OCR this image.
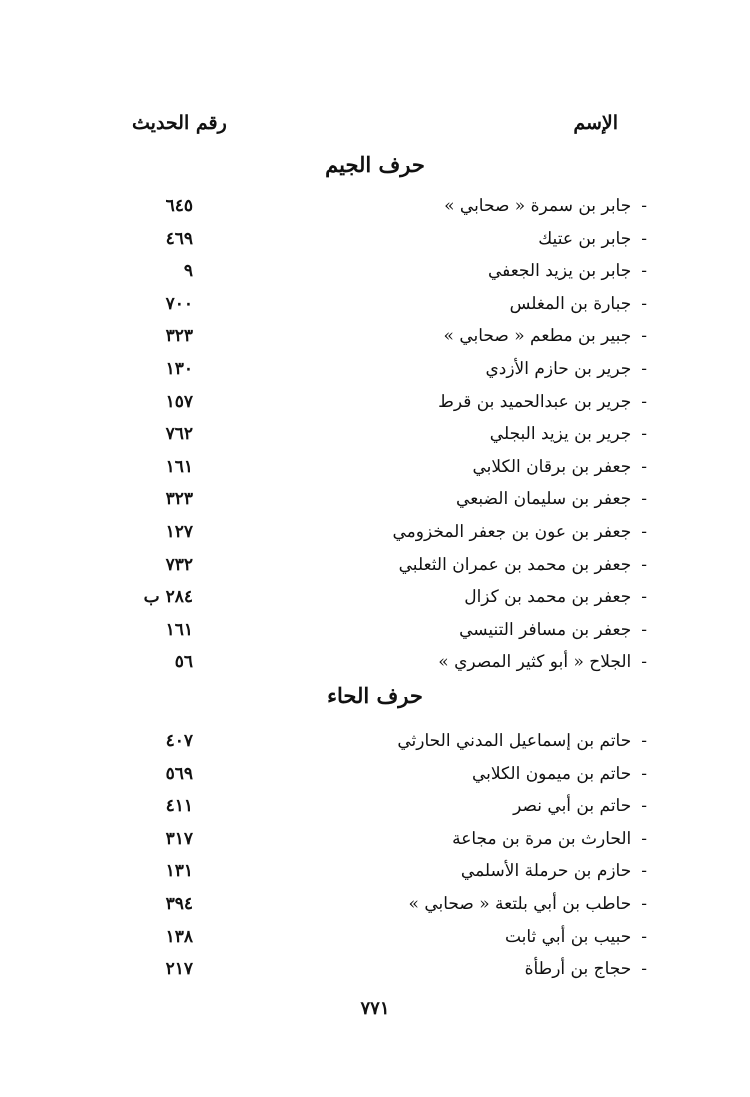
الإسم
رقم الحديث
حرف الجيم
-جابر بن سمرة « صحابي »
٦٤٥
-جابر بن عتيك
٤٦٩
-جابر بن يزيد الجعفي
٩
-جبارة بن المغلس
٧٠٠
-جبير بن مطعم « صحابي »
٣٢٣
-جرير بن حازم الأزدي
١٣٠
-جرير بن عبدالحميد بن قرط
١٥٧
-جرير بن يزيد البجلي
٧٦٢
-جعفر بن برقان الكلابي
١٦١
-جعفر بن سليمان الضبعي
٣٢٣
-جعفر بن عون بن جعفر المخزومي
١٢٧
-جعفر بن محمد بن عمران الثعلبي
٧٣٢
-جعفر بن محمد بن كزال
٢٨٤ ب
-جعفر بن مسافر التنيسي
١٦١
-الجلاح « أبو كثير المصري »
٥٦
حرف الحاء
-حاتم بن إسماعيل المدني الحارثي
٤٠٧
-حاتم بن ميمون الكلابي
٥٦٩
-حاتم بن أبي نصر
٤١١
-الحارث بن مرة بن مجاعة
٣١٧
-حازم بن حرملة الأسلمي
١٣١
-حاطب بن أبي بلتعة « صحابي »
٣٩٤
-حبيب بن أبي ثابت
١٣٨
-حجاج بن أرطأة
٢١٧
٧٧١
